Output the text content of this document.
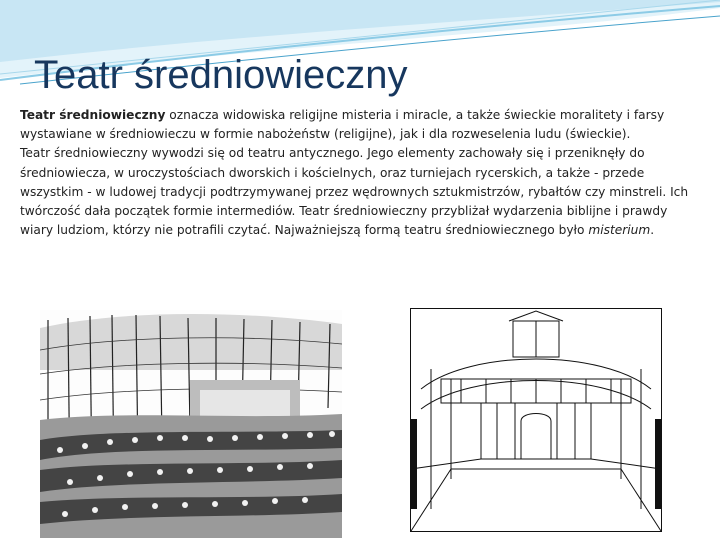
Teatr średniowieczny

Teatr średniowieczny oznacza widowiska religijne misteria i miracle, a także świeckie moralitety i farsy wystawiane w średniowieczu w formie nabożeństw (religijne), jak i dla rozweselenia ludu (świeckie).

Teatr średniowieczny wywodzi się od teatru antycznego. Jego elementy zachowały się i przeniknęły do średniowiecza, w uroczystościach dworskich i kościelnych, oraz turniejach rycerskich, a także - przede wszystkim - w ludowej tradycji podtrzymywanej przez wędrownych sztukmistrzów, rybałtów czy minstreli. Ich twórczość dała początek formie intermediów. Teatr średniowieczny przybliżał wydarzenia biblijne i prawdy wiary ludziom, którzy nie potrafili czytać. Najważniejszą formą teatru średniowiecznego było misterium.
